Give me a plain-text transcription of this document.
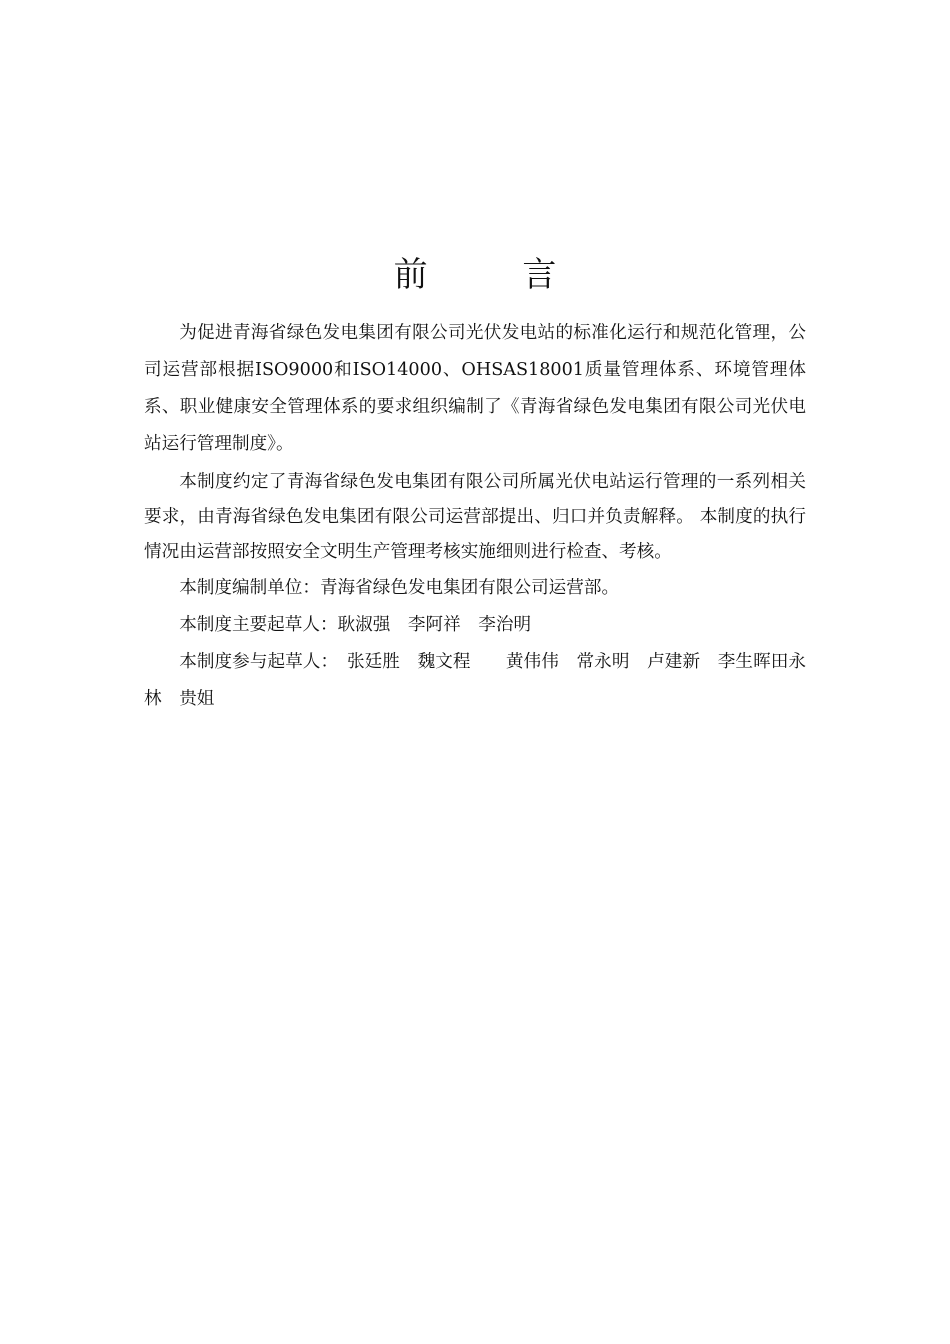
前 言

为促进青海省绿色发电集团有限公司光伏发电站的标准化运行和规范化管理，公司运营部根据ISO9000和ISO14000、OHSAS18001质量管理体系、环境管理体系、职业健康安全管理体系的要求组织编制了《青海省绿色发电集团有限公司光伏电站运行管理制度》。

本制度约定了青海省绿色发电集团有限公司所属光伏电站运行管理的一系列相关要求，由青海省绿色发电集团有限公司运营部提出、归口并负责解释。 本制度的执行情况由运营部按照安全文明生产管理考核实施细则进行检查、考核。

本制度编制单位：青海省绿色发电集团有限公司运营部。

本制度主要起草人：耿淑强　李阿祥　李治明

本制度参与起草人：　张廷胜　魏文程　　黄伟伟　常永明　卢建新　李生晖田永林　贵姐
